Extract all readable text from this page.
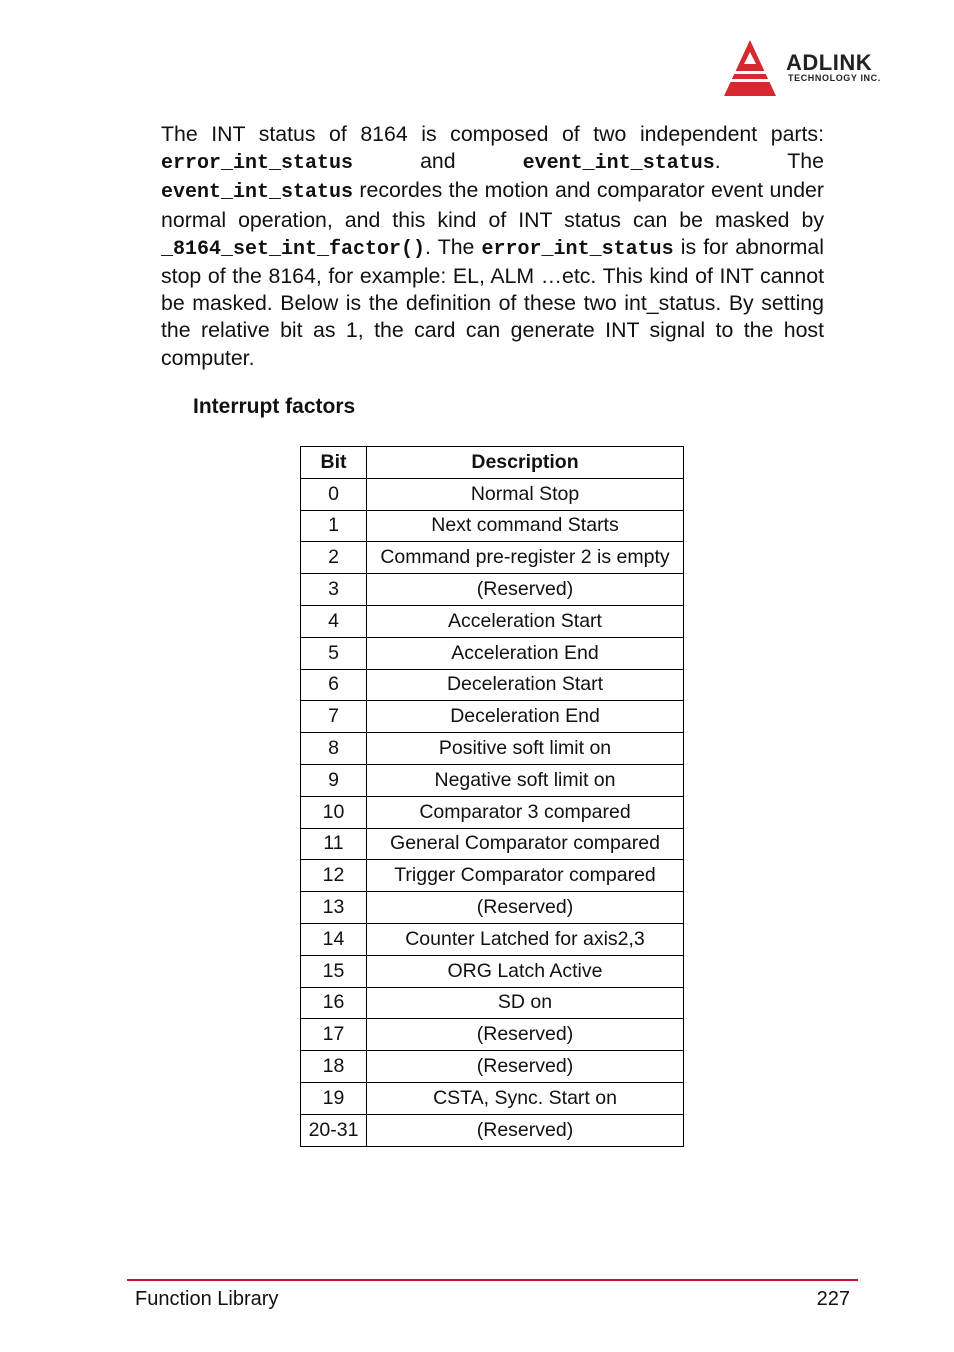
ADLINK
TECHNOLOGY INC.

The INT status of 8164 is composed of two independent parts: error_int_status and event_int_status. The event_int_status recordes the motion and comparator event under normal operation, and this kind of INT status can be masked by _8164_set_int_factor(). The error_int_status is for abnormal stop of the 8164, for example: EL, ALM …etc. This kind of INT cannot be masked. Below is the definition of these two int_status. By setting the relative bit as 1, the card can generate INT signal to the host computer.

Interrupt factors
Bit	Description
0	Normal Stop
1	Next command Starts
2	Command pre-register 2 is empty
3	(Reserved)
4	Acceleration Start
5	Acceleration End
6	Deceleration Start
7	Deceleration End
8	Positive soft limit on
9	Negative soft limit on
10	Comparator 3 compared
11	General Comparator compared
12	Trigger Comparator compared
13	(Reserved)
14	Counter Latched for axis2,3
15	ORG Latch Active
16	SD on
17	(Reserved)
18	(Reserved)
19	CSTA, Sync. Start on
20-31	(Reserved)
Function Library	227
